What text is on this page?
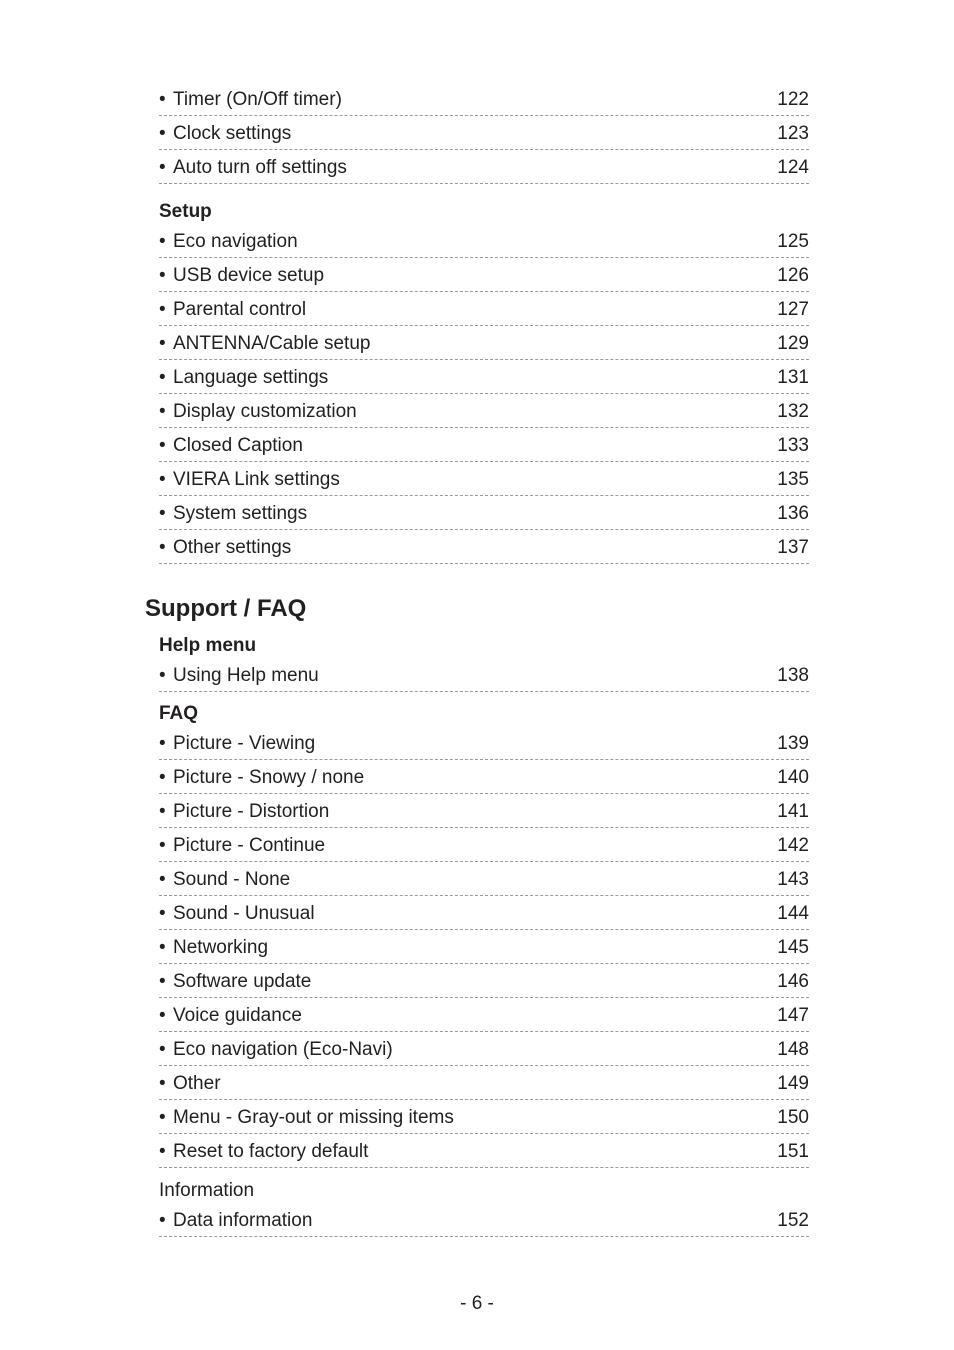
• Timer (On/Off timer)	122
• Clock settings	123
• Auto turn off settings	124
Setup
• Eco navigation	125
• USB device setup	126
• Parental control	127
• ANTENNA/Cable setup	129
• Language settings	131
• Display customization	132
• Closed Caption	133
• VIERA Link settings	135
• System settings	136
• Other settings	137
Support / FAQ
Help menu
• Using Help menu	138
FAQ
• Picture - Viewing	139
• Picture - Snowy / none	140
• Picture - Distortion	141
• Picture - Continue	142
• Sound - None	143
• Sound - Unusual	144
• Networking	145
• Software update	146
• Voice guidance	147
• Eco navigation (Eco-Navi)	148
• Other	149
• Menu - Gray-out or missing items	150
• Reset to factory default	151
Information
• Data information	152
- 6 -
